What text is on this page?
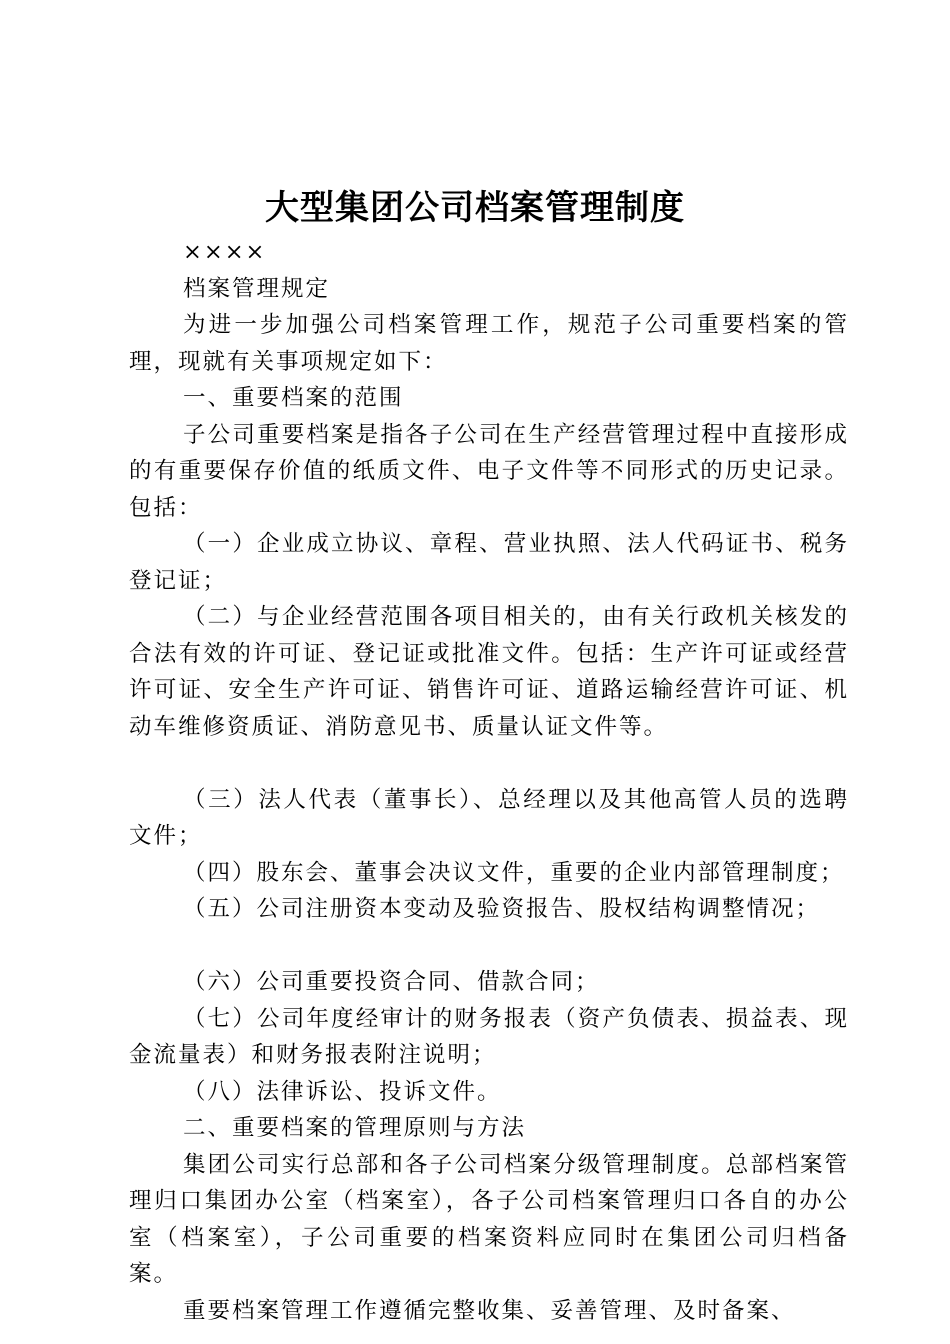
大型集团公司档案管理制度

××××

档案管理规定

为进一步加强公司档案管理工作，规范子公司重要档案的管理，现就有关事项规定如下：

一、重要档案的范围

子公司重要档案是指各子公司在生产经营管理过程中直接形成的有重要保存价值的纸质文件、电子文件等不同形式的历史记录。包括：

（一）企业成立协议、章程、营业执照、法人代码证书、税务登记证；

（二）与企业经营范围各项目相关的，由有关行政机关核发的合法有效的许可证、登记证或批准文件。包括：生产许可证或经营许可证、安全生产许可证、销售许可证、道路运输经营许可证、机动车维修资质证、消防意见书、质量认证文件等。

（三）法人代表（董事长）、总经理以及其他高管人员的选聘文件；

（四）股东会、董事会决议文件，重要的企业内部管理制度；

（五）公司注册资本变动及验资报告、股权结构调整情况；

（六）公司重要投资合同、借款合同；

（七）公司年度经审计的财务报表（资产负债表、损益表、现金流量表）和财务报表附注说明；

（八）法律诉讼、投诉文件。

二、重要档案的管理原则与方法

集团公司实行总部和各子公司档案分级管理制度。总部档案管理归口集团办公室（档案室），各子公司档案管理归口各自的办公室（档案室），子公司重要的档案资料应同时在集团公司归档备案。

重要档案管理工作遵循完整收集、妥善管理、及时备案、
